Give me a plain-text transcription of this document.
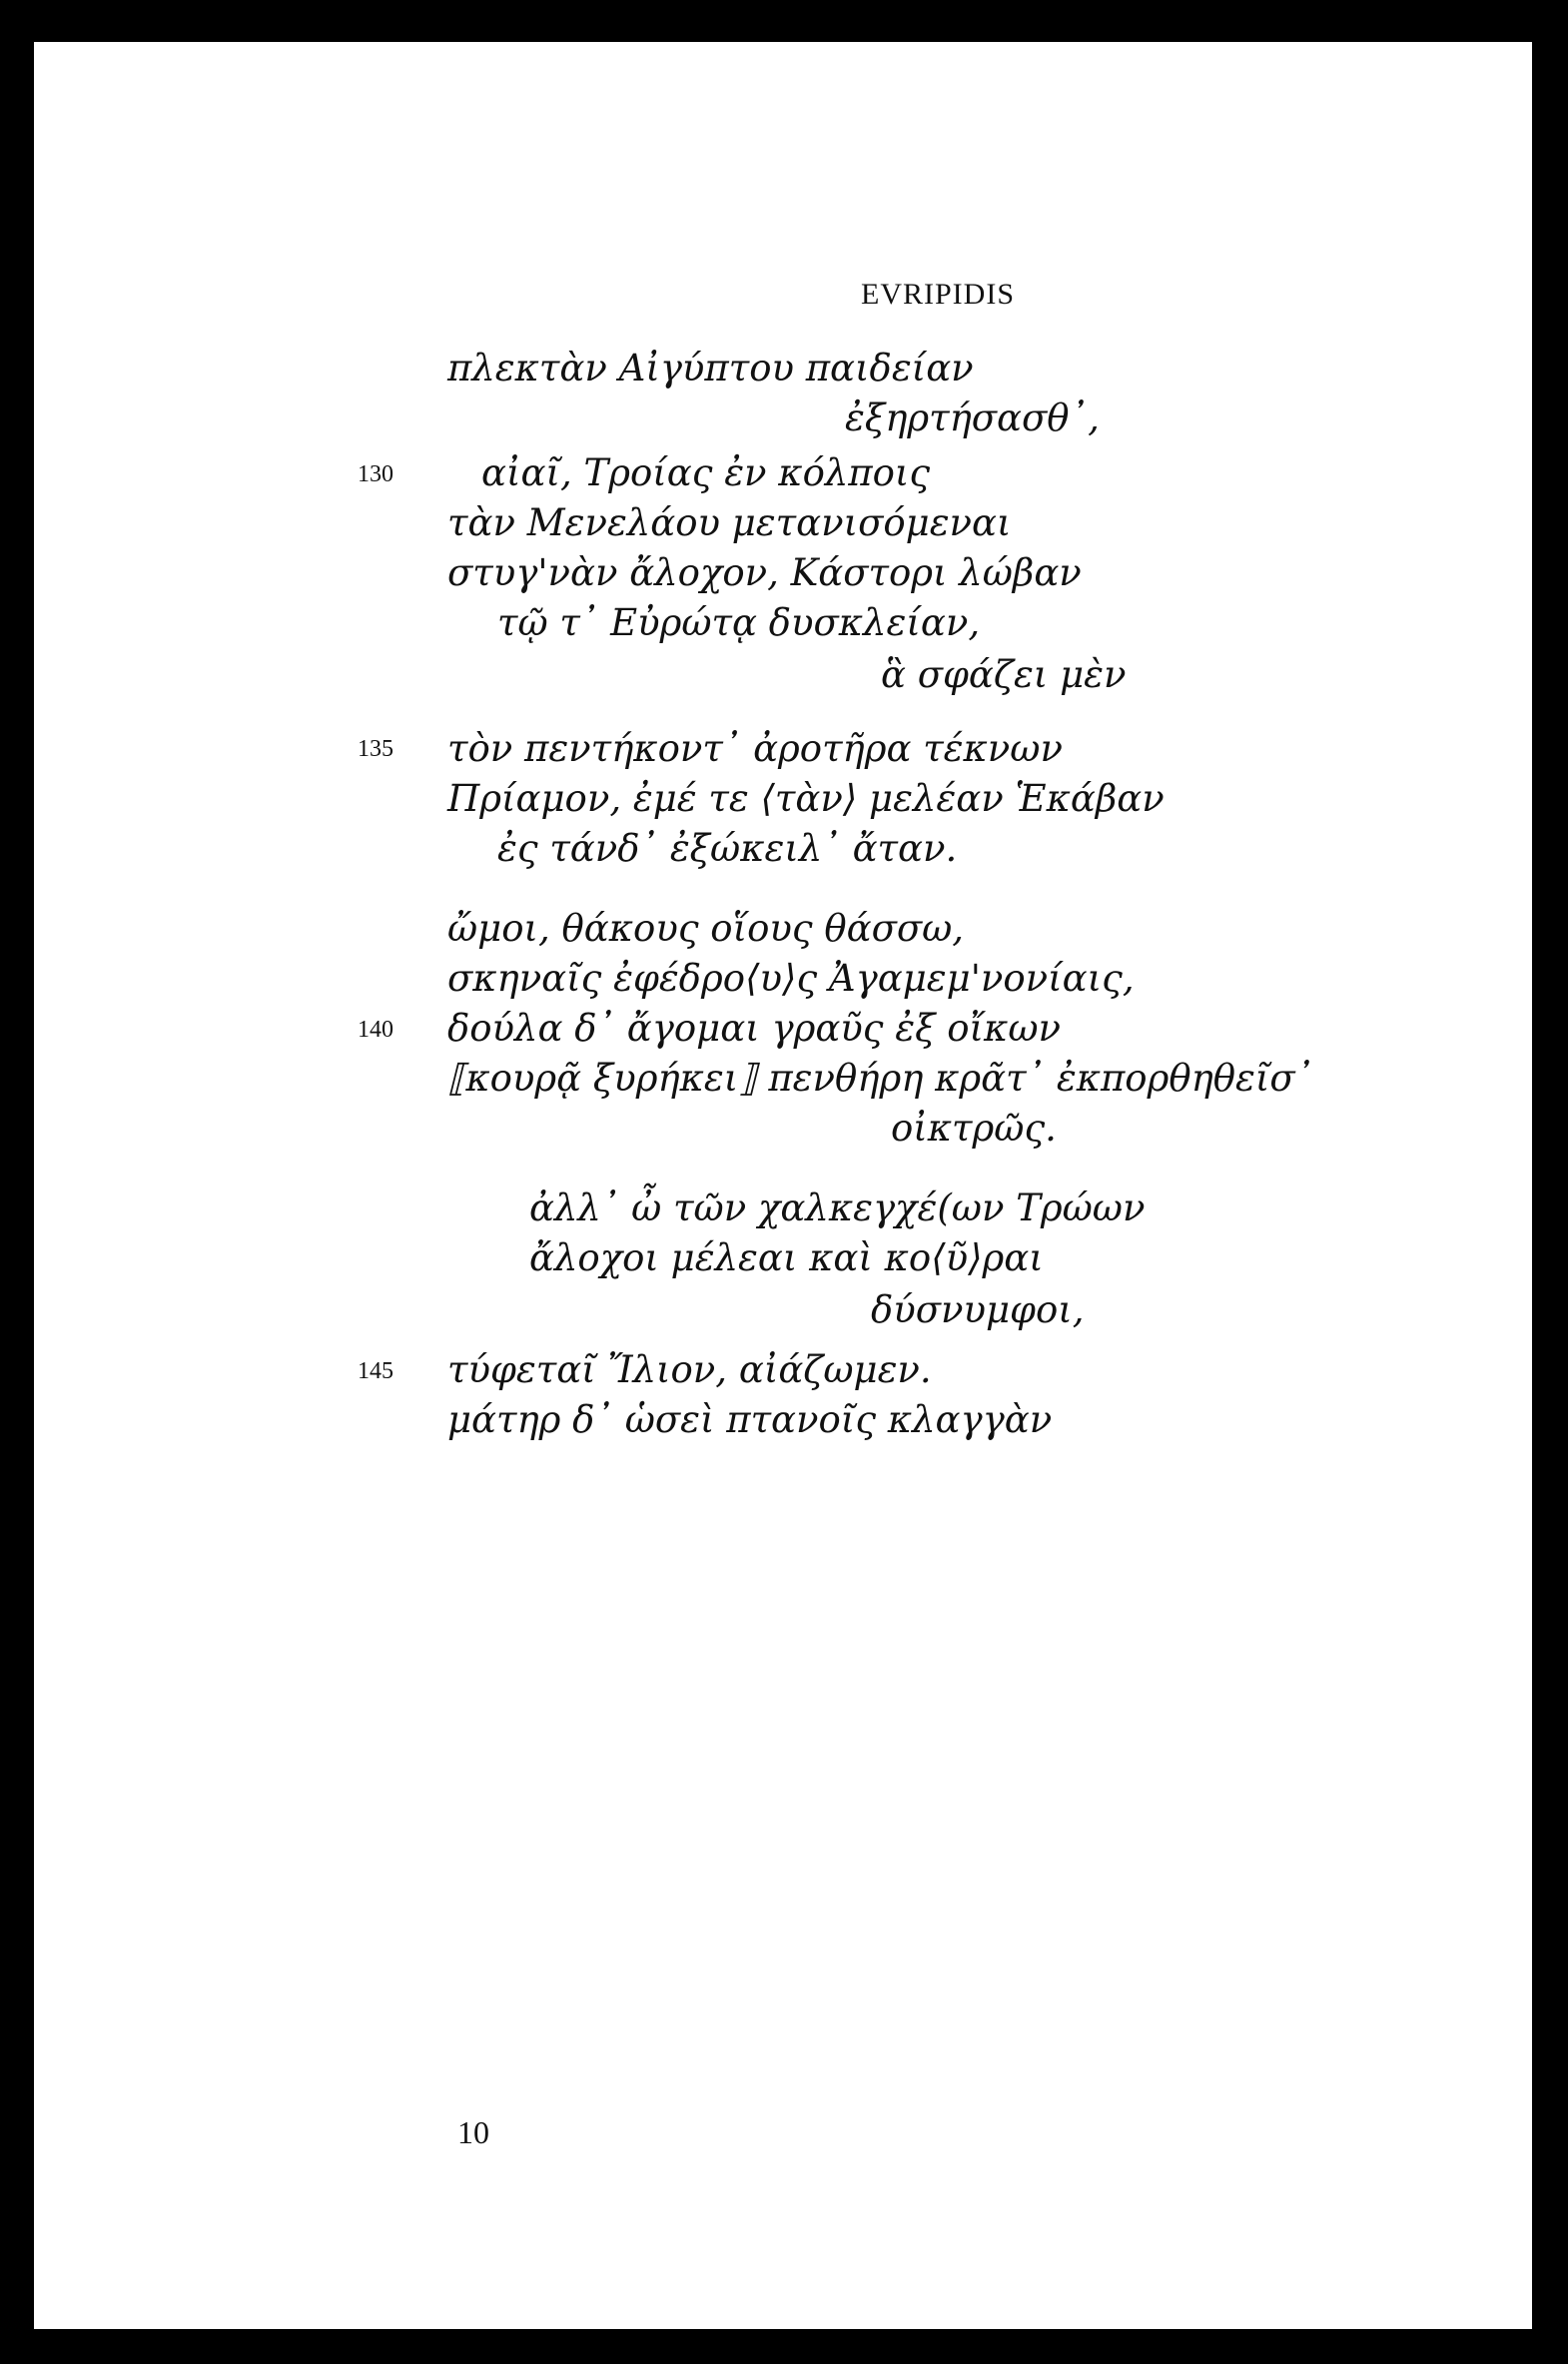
EVRIPIDIS
πλεκτὰν Αἰγύπτου παιδείαν
ἐξηρτήσασθ᾽,
130 αἰαῖ, Τροίας ἐν κόλποις
τὰν Μενελάου μετανισόμεναι
στυγ'νὰν ἄλοχον, Κάστορι λώβαν
τῷ τ᾽ Εὐρώτᾳ δυσκλείαν,
ἃ σφάζει μὲν
135 τὸν πεντήκοντ᾽ ἀροτῆρα τέκνων
Πρίαμον, ἐμέ τε ⟨τὰν⟩ μελέαν Ἑκάβαν
ἐς τάνδ᾽ ἐξώκειλ᾽ ἄταν.
ὤμοι, θάκους οἵους θάσσω,
σκηναῖς ἐφέδρο⟨υ⟩ς Ἀγαμεμ'νονίαις,
140 δούλα δ᾽ ἄγομαι γραῦς ἐξ οἴκων
⟦κουρᾷ ξυρήκει⟧ πενθήρη κρᾶτ᾽ ἐκπορθηθεῖσ᾽
οἰκτρῶς.
ἀλλ᾽ ὦ τῶν χαλκεγχέ(ων Τρώων
ἄλοχοι μέλεαι καὶ κο⟨ῦ⟩ραι
δύσνυμφοι,
145 τύφεταῖ Ἴλιον, αἰάζωμεν.
μάτηρ δ᾽ ὡσεὶ πτανοῖς κλαγγὰν
10
